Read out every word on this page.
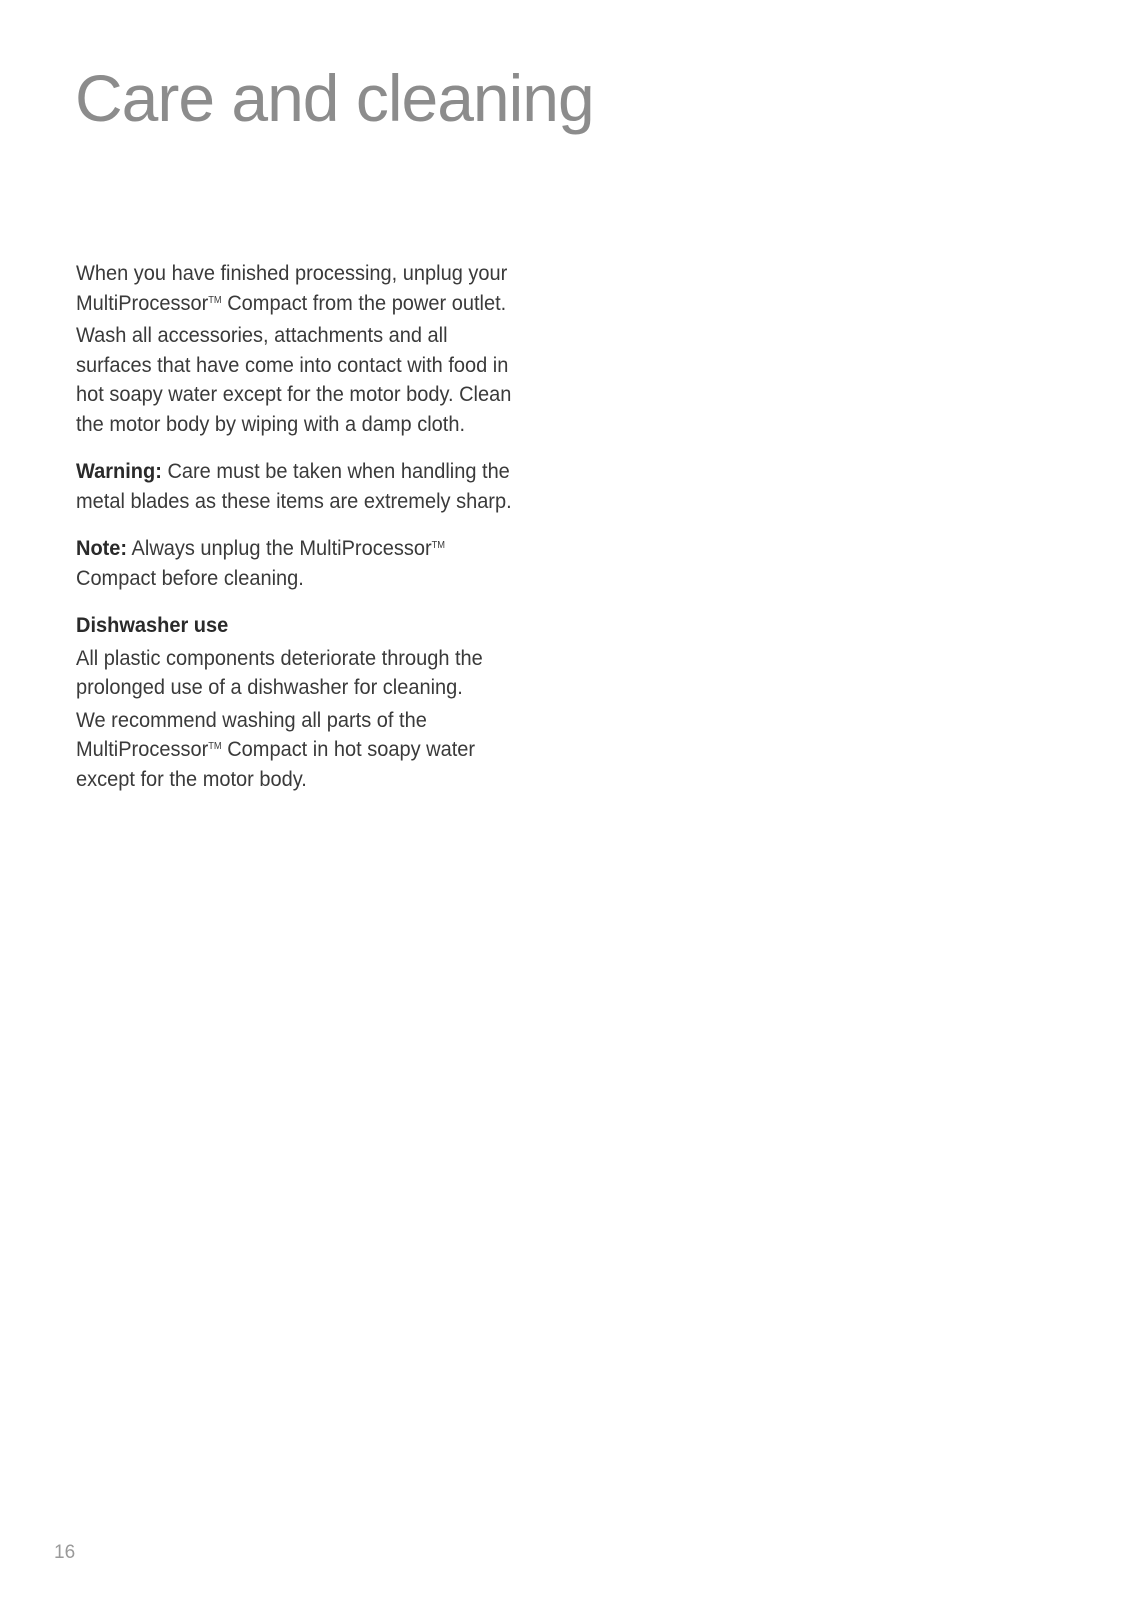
Care and cleaning

When you have finished processing, unplug your MultiProcessor™ Compact from the power outlet.

Wash all accessories, attachments and all surfaces that have come into contact with food in hot soapy water except for the motor body. Clean the motor body by wiping with a damp cloth.

Warning: Care must be taken when handling the metal blades as these items are extremely sharp.

Note: Always unplug the MultiProcessor™ Compact before cleaning.

Dishwasher use

All plastic components deteriorate through the prolonged use of a dishwasher for cleaning.

We recommend washing all parts of the MultiProcessor™ Compact in hot soapy water except for the motor body.

16
